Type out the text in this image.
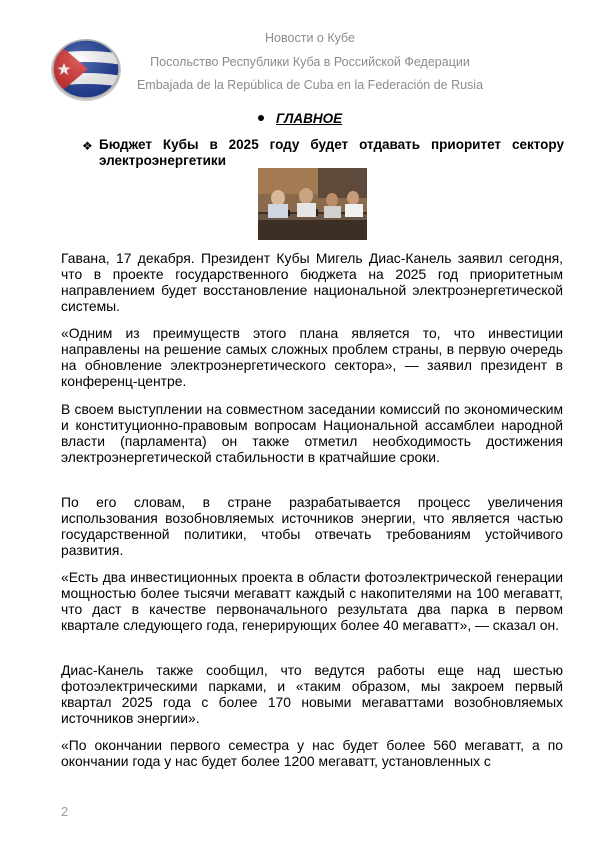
Новости о Кубе
Посольство Республики Куба в Российской Федерации
Embajada de la República de Cuba en la Federación de Rusia
ГЛАВНОЕ
❖ Бюджет Кубы в 2025 году будет отдавать приоритет сектору электроэнергетики
Гавана, 17 декабря. Президент Кубы Мигель Диас-Канель заявил сегодня, что в проекте государственного бюджета на 2025 год приоритетным направлением будет восстановление национальной электроэнергетической системы.
«Одним из преимуществ этого плана является то, что инвестиции направлены на решение самых сложных проблем страны, в первую очередь на обновление электроэнергетического сектора», — заявил президент в конференц-центре.
В своем выступлении на совместном заседании комиссий по экономическим и конституционно-правовым вопросам Национальной ассамблеи народной власти (парламента) он также отметил необходимость достижения электроэнергетической стабильности в кратчайшие сроки.
По его словам, в стране разрабатывается процесс увеличения использования возобновляемых источников энергии, что является частью государственной политики, чтобы отвечать требованиям устойчивого развития.
«Есть два инвестиционных проекта в области фотоэлектрической генерации мощностью более тысячи мегаватт каждый с накопителями на 100 мегаватт, что даст в качестве первоначального результата два парка в первом квартале следующего года, генерирующих более 40 мегаватт», — сказал он.
Диас-Канель также сообщил, что ведутся работы еще над шестью фотоэлектрическими парками, и «таким образом, мы закроем первый квартал 2025 года с более 170 новыми мегаваттами возобновляемых источников энергии».
«По окончании первого семестра у нас будет более 560 мегаватт, а по окончании года у нас будет более 1200 мегаватт, установленных с
2
